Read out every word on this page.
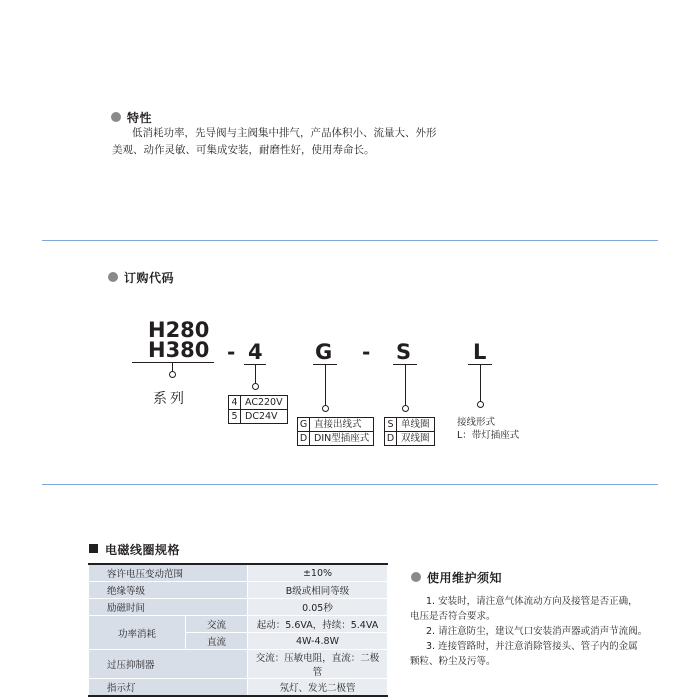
特性
低消耗功率，先导阀与主阀集中排气，产品体积小、流量大、外形
美观、动作灵敏、可集成安装，耐磨性好，使用寿命长。
订购代码
H280
H380
系列
- 4
4 AC220V
5 DC24V
G
G 直接出线式
D DIN型插座式
- S
S 单线圈
D 双线圈
L
接线形式
L：带灯插座式
电磁线圈规格
容许电压变动范围		±10%
绝缘等级		B级或相同等级
励磁时间		0.05秒
功率消耗	交流	起动：5.6VA，持续：5.4VA
	直流	4W-4.8W
过压抑制器		交流：压敏电阻，直流：二极管
指示灯		氖灯、发光二极管
使用维护须知
1. 安装时，请注意气体流动方向及接管是否正确，
电压是否符合要求。
2. 请注意防尘，建议气口安装消声器或消声节流阀。
3. 连接管路时，并注意消除管接头、管子内的金属
颗粒、粉尘及污等。
